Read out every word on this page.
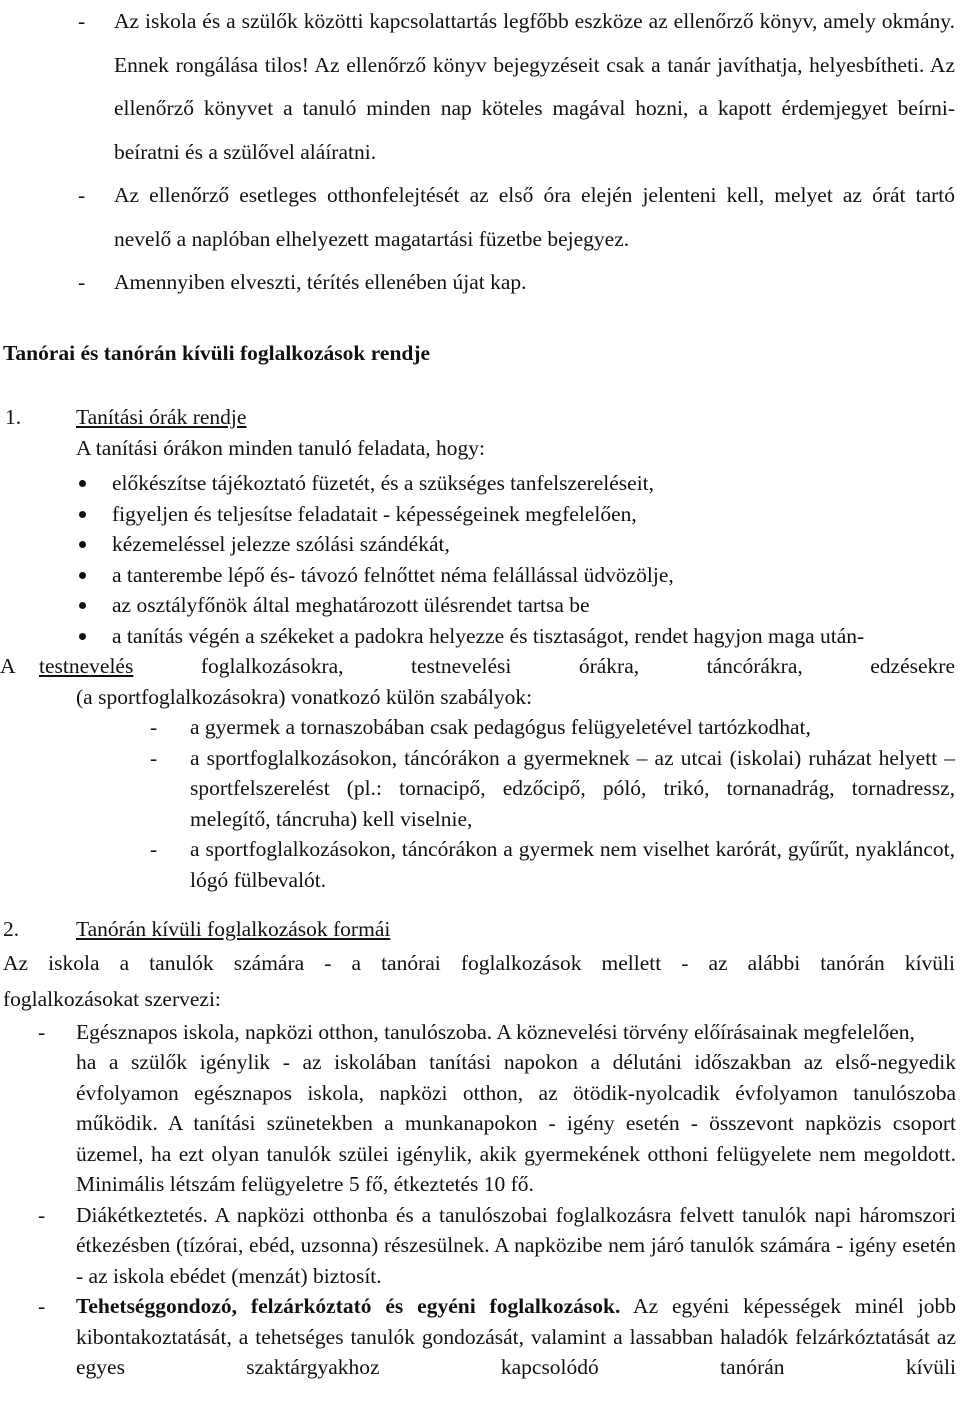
- Az iskola és a szülők közötti kapcsolattartás legfőbb eszköze az ellenőrző könyv, amely okmány. Ennek rongálása tilos! Az ellenőrző könyv bejegyzéseit csak a tanár javíthatja, helyesbítheti. Az ellenőrző könyvet a tanuló minden nap köteles magával hozni, a kapott érdemjegyet beírni-beíratni és a szülővel aláíratni.
- Az ellenőrző esetleges otthonfelejtését az első óra elején jelenteni kell, melyet az órát tartó nevelő a naplóban elhelyezett magatartási füzetbe bejegyez.
- Amennyiben elveszti, térítés ellenében újat kap.
Tanórai és tanórán kívüli foglalkozások rendje
1.	Tanítási órák rendje
A tanítási órákon minden tanuló feladata, hogy:
előkészítse tájékoztató füzetét, és a szükséges tanfelszereléseit,
figyeljen és teljesítse feladatait - képességeinek megfelelően,
kézemeléssel jelezze szólási szándékát,
a tanterembe lépő és- távozó felnőttet néma felállással üdvözölje,
az osztályfőnök által meghatározott ülésrendet tartsa be
a tanítás végén a székeket a padokra helyezze és tisztaságot, rendet hagyjon maga után-
A testnevelés	foglalkozásokra, testnevelési órákra, táncórákra, edzésekre
(a sportfoglalkozásokra) vonatkozó külön szabályok:
- a gyermek a tornaszobában csak pedagógus felügyeletével tartózkodhat,
- a sportfoglalkozásokon, táncórákon a gyermeknek – az utcai (iskolai) ruházat helyett – sportfelszerelést (pl.: tornacipő, edzőcipő, póló, trikó, tornanadrág, tornadressz, melegítő, táncruha) kell viselnie,
- a sportfoglalkozásokon, táncórákon a gyermek nem viselhet karórát, gyűrűt, nyakláncot, lógó fülbevalót.
2.	Tanórán kívüli foglalkozások formái
Az iskola a tanulók számára - a tanórai foglalkozások mellett - az alábbi tanórán kívüli
foglalkozásokat szervezi:
- Egésznapos iskola, napközi otthon, tanulószoba. A köznevelési törvény előírásainak megfelelően,
ha a szülők igénylik - az iskolában tanítási napokon a délutáni időszakban az első-negyedik évfolyamon egésznapos iskola, napközi otthon, az ötödik-nyolcadik évfolyamon tanulószoba működik. A tanítási szünetekben a munkanapokon - igény esetén - összevont napközis csoport üzemel, ha ezt olyan tanulók szülei igénylik, akik gyermekének otthoni felügyelete nem megoldott. Minimális létszám felügyeletre 5 fő, étkeztetés 10 fő.
- Diákétkeztetés. A napközi otthonba és a tanulószobai foglalkozásra felvett tanulók napi háromszori étkezésben (tízórai, ebéd, uzsonna) részesülnek. A napközibe nem járó tanulók számára - igény esetén - az iskola ebédet (menzát) biztosít.
- Tehetséggondozó, felzárkóztató és egyéni foglalkozások. Az egyéni képességek minél jobb kibontakoztatását, a tehetséges tanulók gondozását, valamint a lassabban haladók felzárkóztatását az egyes szaktárgyakhoz kapcsolódó tanórán kívüli
